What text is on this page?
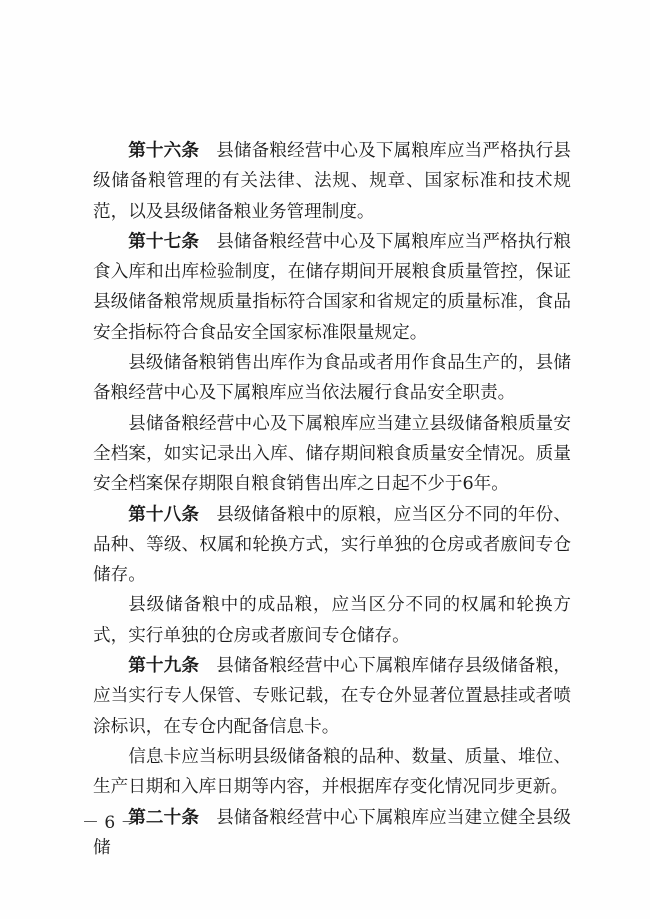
第十六条 县储备粮经营中心及下属粮库应当严格执行县级储备粮管理的有关法律、法规、规章、国家标准和技术规范，以及县级储备粮业务管理制度。

第十七条 县储备粮经营中心及下属粮库应当严格执行粮食入库和出库检验制度，在储存期间开展粮食质量管控，保证县级储备粮常规质量指标符合国家和省规定的质量标准，食品安全指标符合食品安全国家标准限量规定。

县级储备粮销售出库作为食品或者用作食品生产的，县储备粮经营中心及下属粮库应当依法履行食品安全职责。

县储备粮经营中心及下属粮库应当建立县级储备粮质量安全档案，如实记录出入库、储存期间粮食质量安全情况。质量安全档案保存期限自粮食销售出库之日起不少于6年。

第十八条 县级储备粮中的原粮，应当区分不同的年份、品种、等级、权属和轮换方式，实行单独的仓房或者廒间专仓储存。

县级储备粮中的成品粮，应当区分不同的权属和轮换方式，实行单独的仓房或者廒间专仓储存。

第十九条 县储备粮经营中心下属粮库储存县级储备粮，应当实行专人保管、专账记载，在专仓外显著位置悬挂或者喷涂标识，在专仓内配备信息卡。

信息卡应当标明县级储备粮的品种、数量、质量、堆位、生产日期和入库日期等内容，并根据库存变化情况同步更新。

第二十条 县储备粮经营中心下属粮库应当建立健全县级储

－ 6 －
